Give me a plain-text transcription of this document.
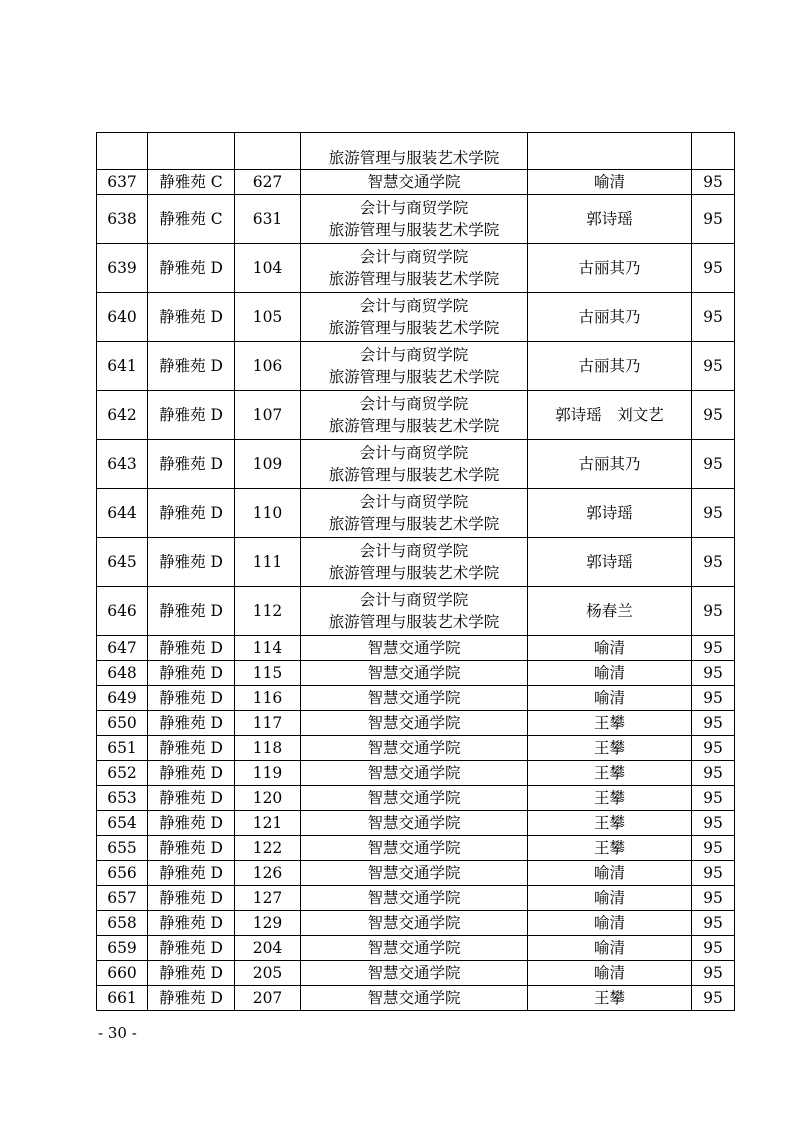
			旅游管理与服装艺术学院		
637	静雅苑 C	627	智慧交通学院	喻清	95
638	静雅苑 C	631	会计与商贸学院
旅游管理与服装艺术学院	郭诗瑶	95
639	静雅苑 D	104	会计与商贸学院
旅游管理与服装艺术学院	古丽其乃	95
640	静雅苑 D	105	会计与商贸学院
旅游管理与服装艺术学院	古丽其乃	95
641	静雅苑 D	106	会计与商贸学院
旅游管理与服装艺术学院	古丽其乃	95
642	静雅苑 D	107	会计与商贸学院
旅游管理与服装艺术学院	郭诗瑶　刘文艺	95
643	静雅苑 D	109	会计与商贸学院
旅游管理与服装艺术学院	古丽其乃	95
644	静雅苑 D	110	会计与商贸学院
旅游管理与服装艺术学院	郭诗瑶	95
645	静雅苑 D	111	会计与商贸学院
旅游管理与服装艺术学院	郭诗瑶	95
646	静雅苑 D	112	会计与商贸学院
旅游管理与服装艺术学院	杨春兰	95
647	静雅苑 D	114	智慧交通学院	喻清	95
648	静雅苑 D	115	智慧交通学院	喻清	95
649	静雅苑 D	116	智慧交通学院	喻清	95
650	静雅苑 D	117	智慧交通学院	王攀	95
651	静雅苑 D	118	智慧交通学院	王攀	95
652	静雅苑 D	119	智慧交通学院	王攀	95
653	静雅苑 D	120	智慧交通学院	王攀	95
654	静雅苑 D	121	智慧交通学院	王攀	95
655	静雅苑 D	122	智慧交通学院	王攀	95
656	静雅苑 D	126	智慧交通学院	喻清	95
657	静雅苑 D	127	智慧交通学院	喻清	95
658	静雅苑 D	129	智慧交通学院	喻清	95
659	静雅苑 D	204	智慧交通学院	喻清	95
660	静雅苑 D	205	智慧交通学院	喻清	95
661	静雅苑 D	207	智慧交通学院	王攀	95
- 30 -
